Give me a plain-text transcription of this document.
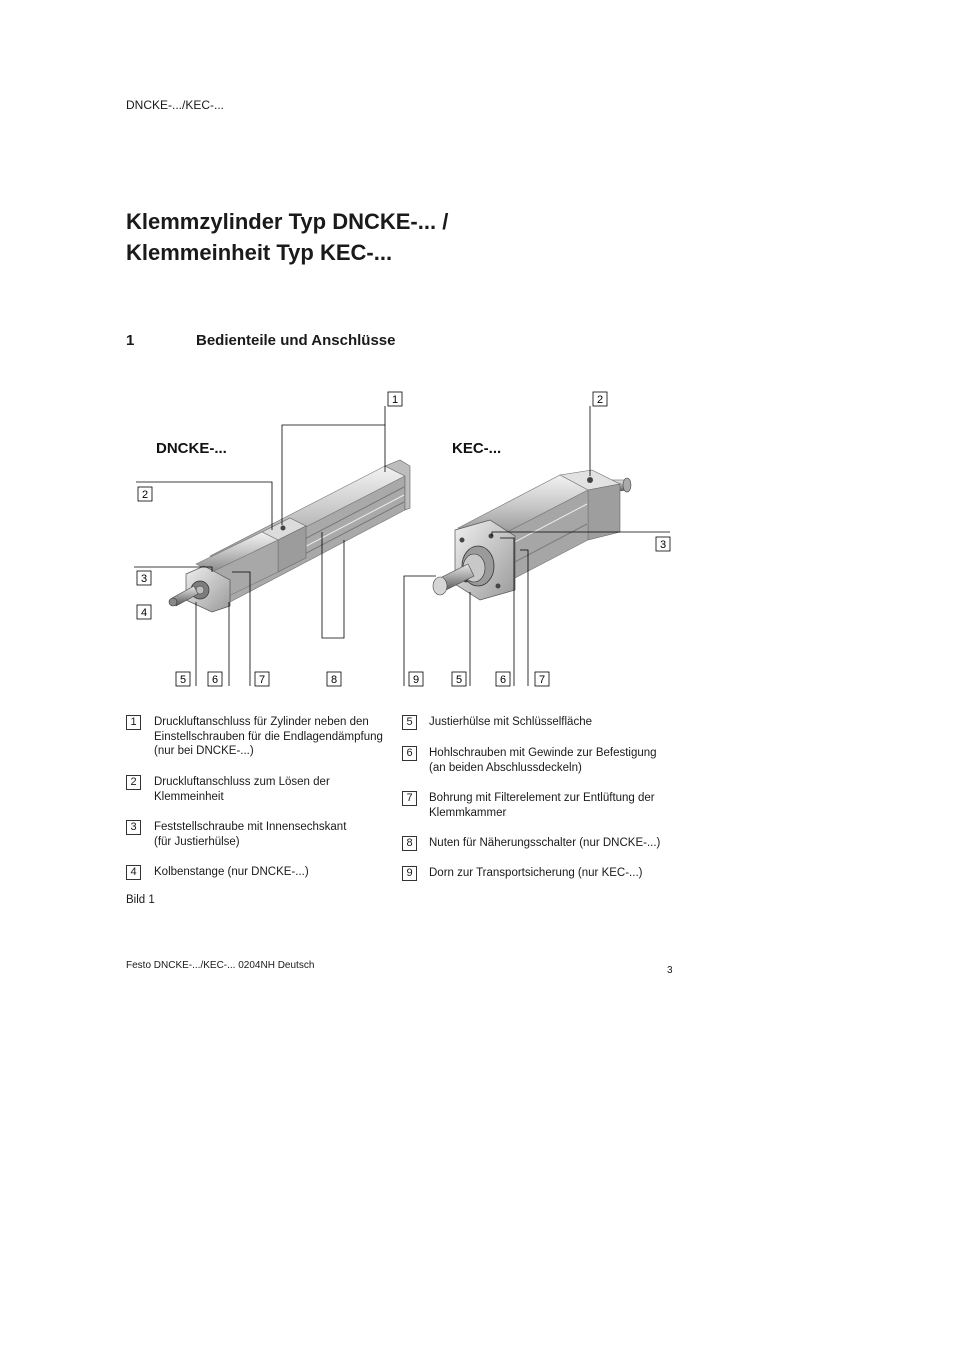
DNCKE-.../KEC-...
Klemmzylinder Typ DNCKE-... /
Klemmeinheit Typ KEC-...
1	Bedienteile und Anschlüsse
DNCKE-...	KEC-...
1
2
3
4
5 6	7	8
2
3
9	5	6	7
1	Druckluftanschluss für Zylinder neben den
Einstellschrauben für die Endlagendämpfung
(nur bei DNCKE-...)
2	Druckluftanschluss zum Lösen der
Klemmeinheit
3	Feststellschraube mit Innensechskant
(für Justierhülse)
4	Kolbenstange (nur DNCKE-...)
5	Justierhülse mit Schlüsselfläche
6	Hohlschrauben mit Gewinde zur Befestigung
(an beiden Abschlussdeckeln)
7	Bohrung mit Filterelement zur Entlüftung der
Klemmkammer
8	Nuten für Näherungsschalter (nur DNCKE-...)
9	Dorn zur Transportsicherung (nur KEC-...)
Bild 1
Festo DNCKE-.../KEC-... 0204NH Deutsch	3
